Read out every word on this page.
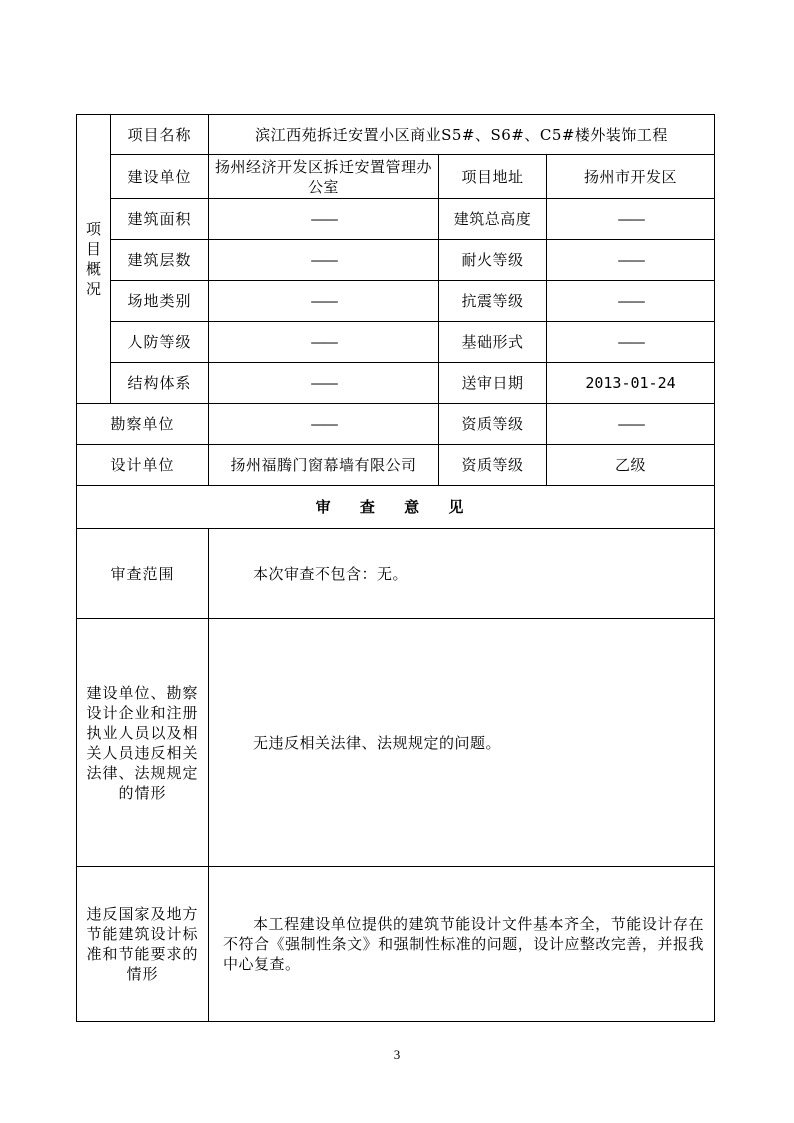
项
目
概
况	项目名称	滨江西苑拆迁安置小区商业S5#、S6#、C5#楼外装饰工程		
	建设单位	扬州经济开发区拆迁安置管理办公室	项目地址	扬州市开发区
	建筑面积	——	建筑总高度	——
	建筑层数	——	耐火等级	——
	场地类别	——	抗震等级	——
	人防等级	——	基础形式	——
	结构体系	——	送审日期	2013-01-24
勘察单位		——	资质等级	——
设计单位		扬州福腾门窗幕墙有限公司	资质等级	乙级
审 查 意 见				
审查范围		本次审查不包含：无。		

建设单位、勘察设计企业和注册执业人员以及相关人员违反相关法律、法规规定的情形		无违反相关法律、法规规定的问题。		

违反国家及地方节能建筑设计标准和节能要求的情形		本工程建设单位提供的建筑节能设计文件基本齐全，节能设计存在不符合《强制性条文》和强制性标准的问题，设计应整改完善，并报我中心复查。		
3
